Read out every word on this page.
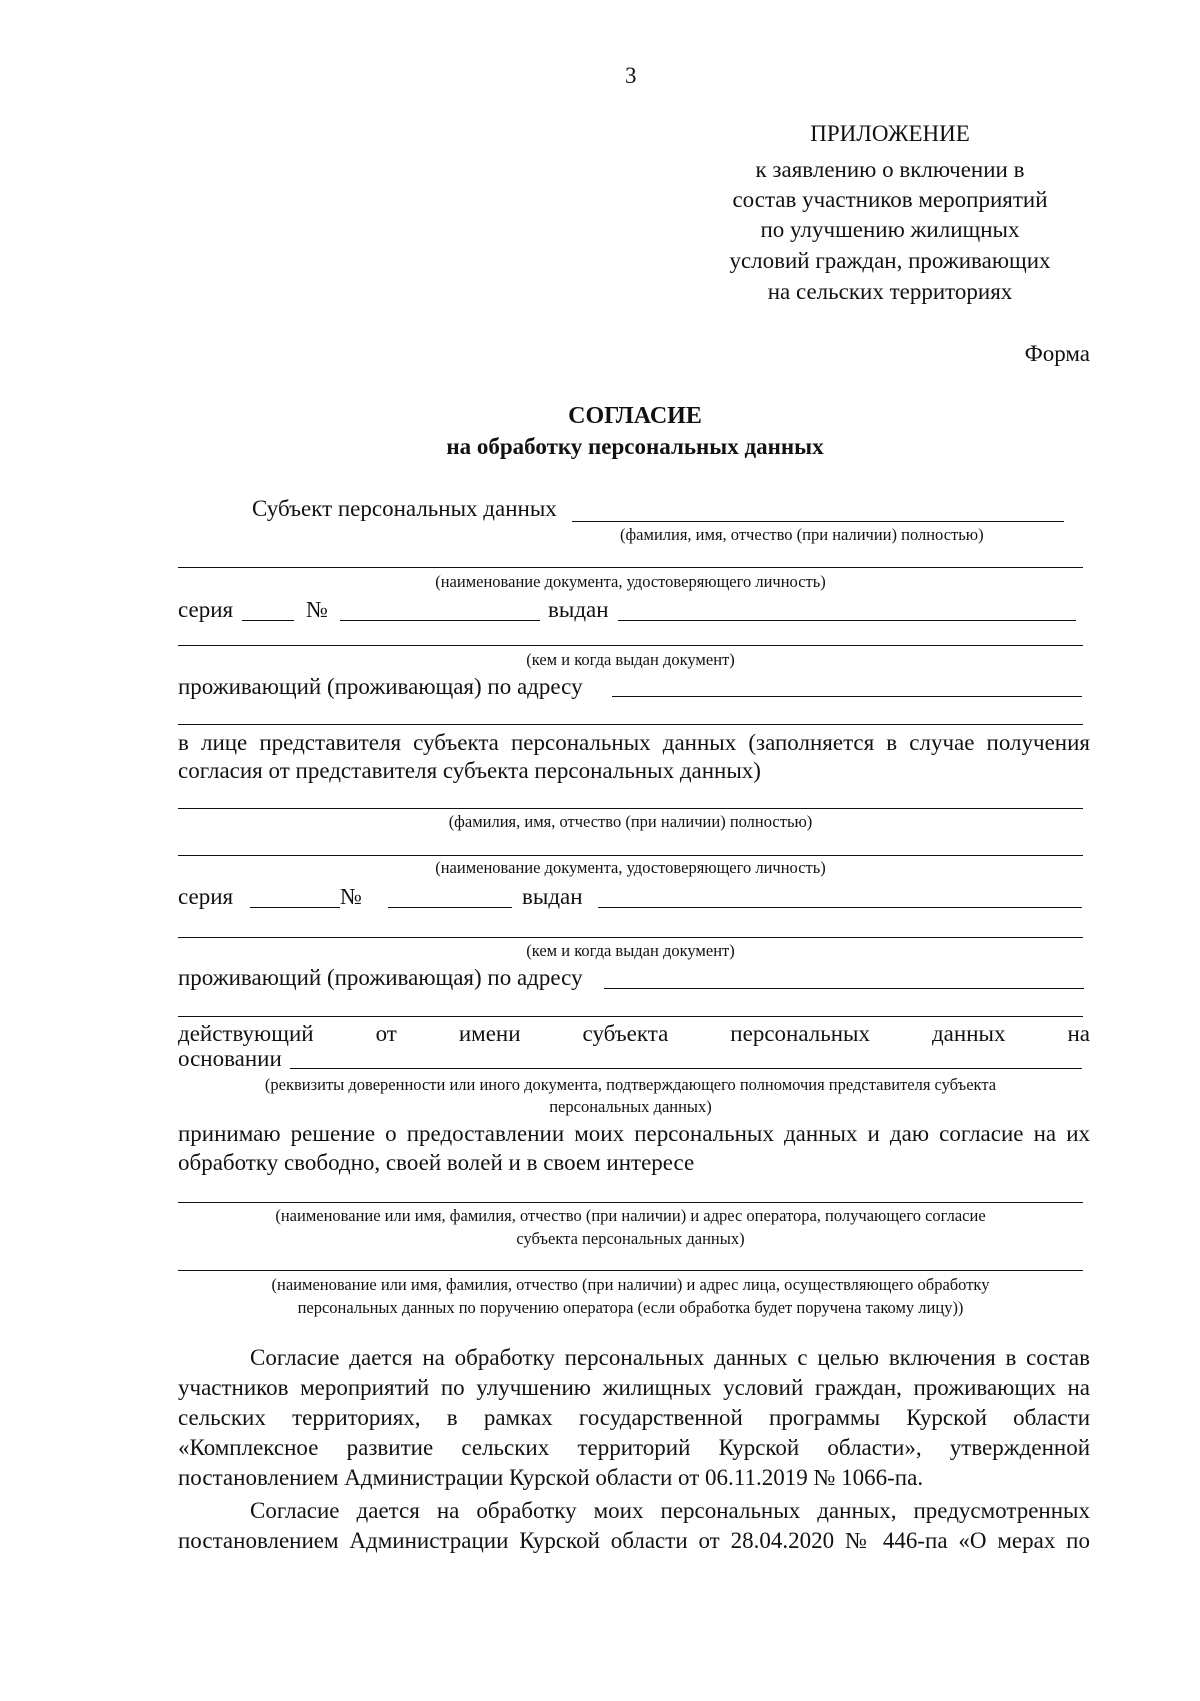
3
ПРИЛОЖЕНИЕ
к заявлению о включении в
состав участников мероприятий
по улучшению жилищных
условий граждан, проживающих
на сельских территориях
Форма
СОГЛАСИЕ
на обработку персональных данных
Субъект персональных данных
(фамилия, имя, отчество (при наличии) полностью)
(наименование документа, удостоверяющего личность)
серия	№	выдан
(кем и когда выдан документ)
проживающий (проживающая) по адресу
в лице представителя субъекта персональных данных (заполняется в случае получения
согласия от представителя субъекта персональных данных)
(фамилия, имя, отчество (при наличии) полностью)
(наименование документа, удостоверяющего личность)
серия	№	выдан
(кем и когда выдан документ)
проживающий (проживающая) по адресу
действующий от имени субъекта персональных данных на
основании
(реквизиты доверенности или иного документа, подтверждающего полномочия представителя субъекта
персональных данных)
принимаю решение о предоставлении моих персональных данных и даю согласие на их
обработку свободно, своей волей и в своем интересе
(наименование или имя, фамилия, отчество (при наличии) и адрес оператора, получающего согласие
субъекта персональных данных)
(наименование или имя, фамилия, отчество (при наличии) и адрес лица, осуществляющего обработку
персональных данных по поручению оператора (если обработка будет поручена такому лицу))
Согласие дается на обработку персональных данных с целью включения в состав
участников мероприятий по улучшению жилищных условий граждан, проживающих на
сельских территориях, в рамках государственной программы Курской области
«Комплексное развитие сельских территорий Курской области», утвержденной
постановлением Администрации Курской области от 06.11.2019 № 1066-па.
Согласие дается на обработку моих персональных данных, предусмотренных
постановлением Администрации Курской области от 28.04.2020 № 446-па «О мерах по
